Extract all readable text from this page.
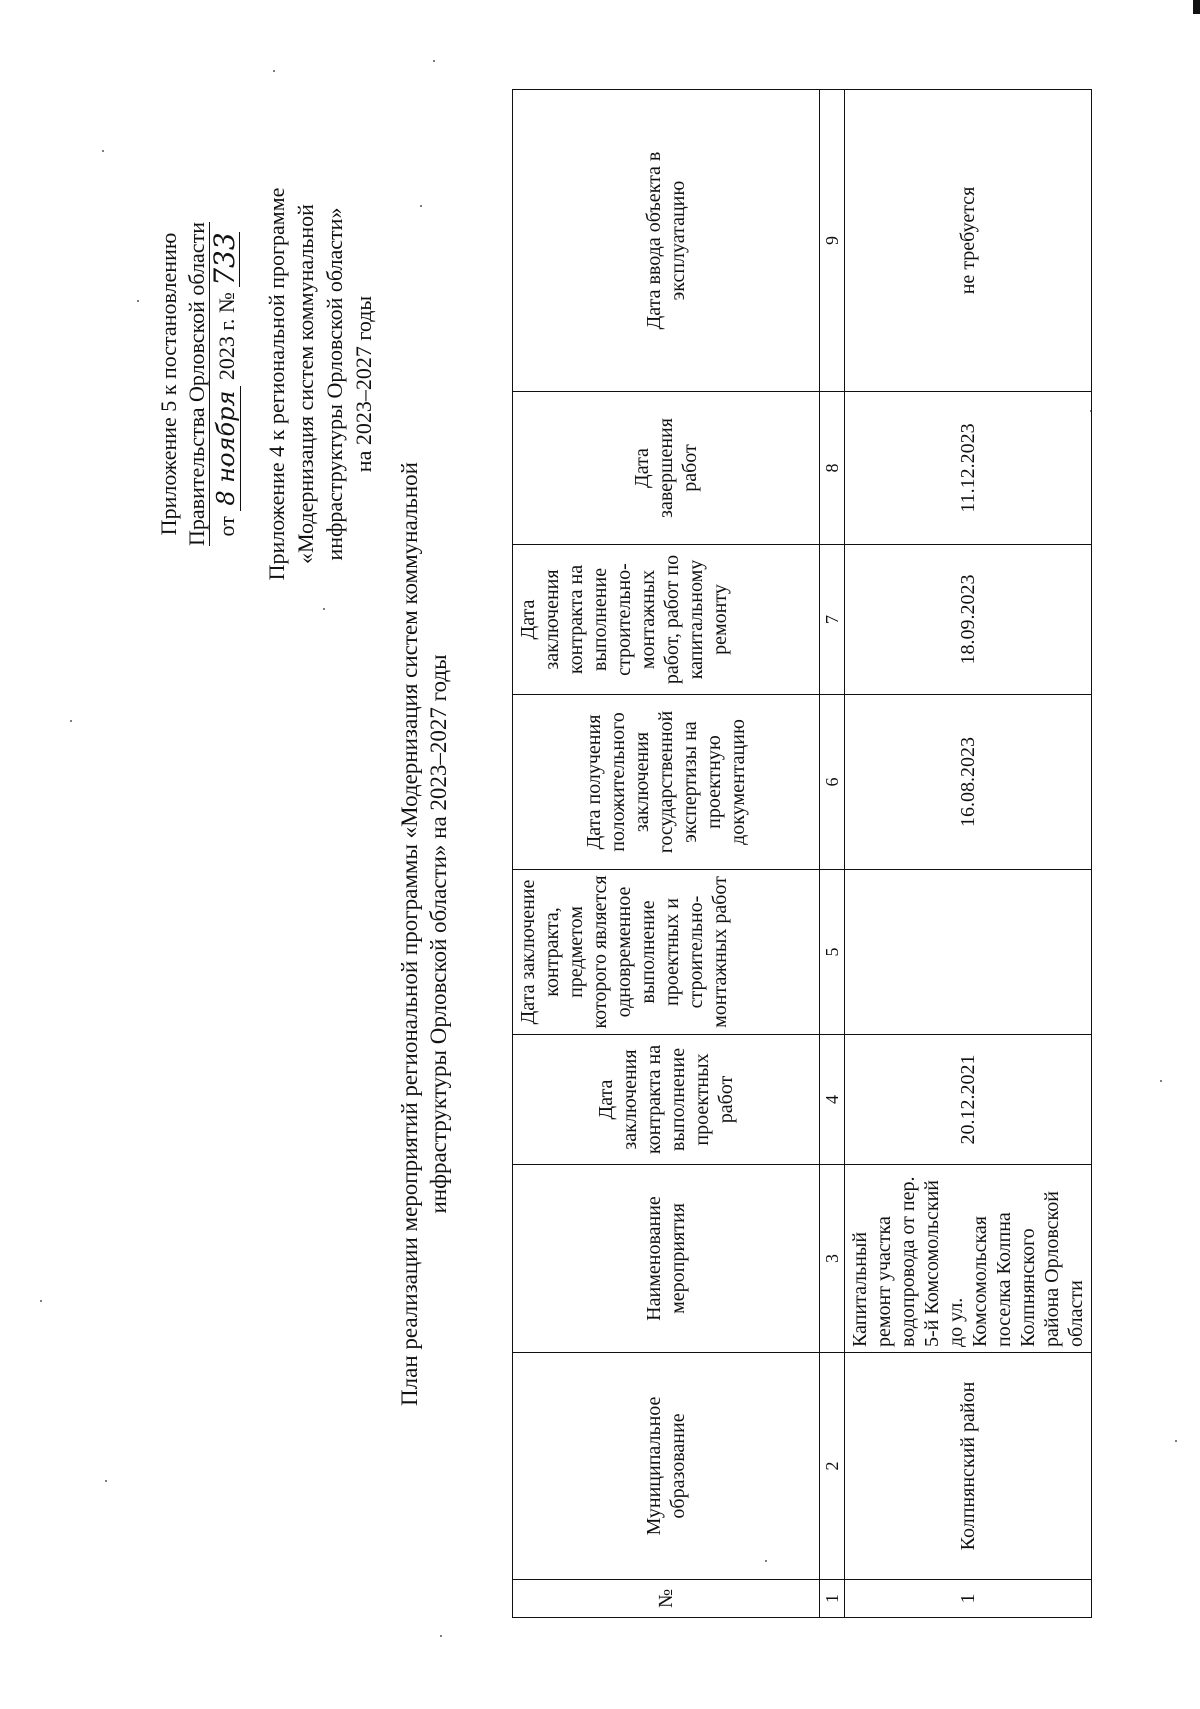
Приложение 5 к постановлению Правительства Орловской области от 8 ноября 2023 г. № 733 Приложение 4 к региональной программе «Модернизация систем коммунальной инфраструктуры Орловской области» на 2023–2027 годы
План реализации мероприятий региональной программы «Модернизация систем коммунальной инфраструктуры Орловской области» на 2023–2027 годы
№	Муниципальное образование	Наименование мероприятия	Дата заключения контракта на выполнение проектных работ	Дата заключение контракта, предметом которого является одновременное выполнение проектных и строительно-монтажных работ	Дата получения положительного заключения государственной экспертизы на проектную документацию	Дата заключения контракта на выполнение строительно-монтажных работ, работ по капитальному ремонту	Дата завершения работ	Дата ввода объекта в эксплуатацию
1	2	3	4	5	6	7	8	9
1	Колпнянский район	Капитальный ремонт участка водопровода от пер. 5-й Комсомольский до ул. Комсомольская поселка Колпна Колпнянского района Орловской области	20.12.2021		16.08.2023	18.09.2023	11.12.2023	не требуется
